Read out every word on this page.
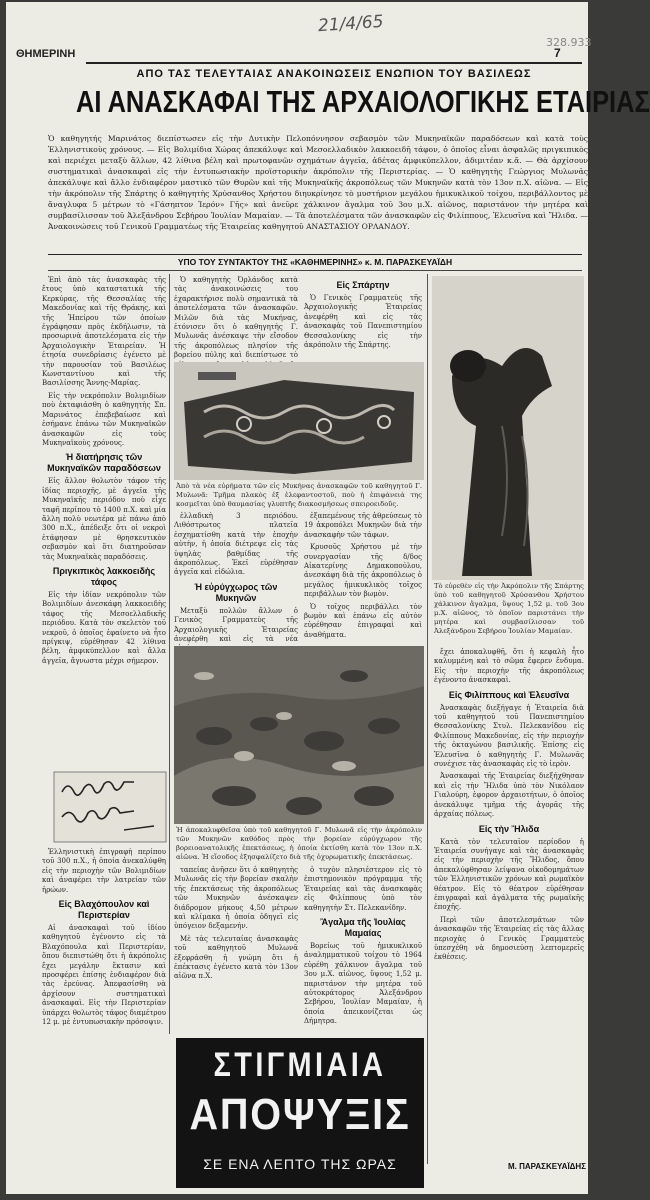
21/4/65
328.933
ΘΗΜΕΡΙΝΗ	7
ΑΠΟ ΤΑΣ ΤΕΛΕΥΤΑΙΑΣ ΑΝΑΚΟΙΝΩΣΕΙΣ ΕΝΩΠΙΟΝ ΤΟΥ ΒΑΣΙΛΕΩΣ
ΑΙ ΑΝΑΣΚΑΦΑΙ ΤΗΣ ΑΡΧΑΙΟΛΟΓΙΚΗΣ ΕΤΑΙΡΙΑΣ
Ὁ καθηγητής Μαρινάτος διεπίστωσεν εἰς τὴν Δυτικὴν Πελοπόννησον σεβασμὸν τῶν Μυκηναϊκῶν παραδόσεων καὶ κατὰ τοὺς Ἑλληνιστικοὺς χρόνους. — Εἰς Βολιμίδια Χώρας ἀπεκάλυψε καὶ Μεσοελλαδικὸν λακκοειδῆ τάφον, ὁ ὁποῖος εἶναι ἀσφαλῶς πριγκιπικὸς καὶ περιέχει μεταξὺ ἄλλων, 42 λίθινα βέλη καὶ πρωτοφανῶν σχημάτων ἀγγεῖα, ἀδέτας ἀμφικύπελλον, ἀδιμιτέαν κ.ἄ. — Θὰ ἀρχίσουν συστηματικαὶ ἀνασκαφαὶ εἰς τὴν ἐντυπωσιακὴν προϊστορικὴν ἀκρόπολιν τῆς Περιστερίας. — Ὁ καθηγητὴς Γεώργιος Μυλωνᾶς ἀπεκάλυψε καὶ ἄλλο ἐνδιαφέρον μαστικὸ τῶν Θυρῶν καὶ τῆς Μυκηναϊκῆς ἀκροπόλεως τῶν Μυκηνῶν κατὰ τὸν 13ον π.Χ. αἰῶνα. — Εἰς τὴν ἀκρόπολιν τῆς Σπάρτης ὁ καθηγητὴς Χρύσανθος Χρήστου διηυκρίνησε τὸ μυστήριον μεγάλου ἡμικυκλικοῦ τοίχου, περιβάλλοντος μὲ ἄναγλυφα 5 μέτρων τὸ «Γάσηπτον Ἱερόν» Γῆς» καὶ ἀνεῦρε χάλκινον ἄγαλμα τοῦ 3ου μ.Χ. αἰῶνος, παριστάνον τὴν μητέρα καὶ συμβασίλισσαν τοῦ Ἀλεξάνδρου Σεβήρου Ἰουλίαν Μαμαίαν. — Τὰ ἀποτελέσματα τῶν ἀνασκαφῶν εἰς Φιλίππους, Ἐλευσῖνα καὶ Ἤλιδα. — Ἀνακοινώσεις τοῦ Γενικοῦ Γραμματέως τῆς Ἑταιρείας καθηγητοῦ ΑΝΑΣΤΑΣΙΟΥ ΟΡΛΑΝΔΟΥ.
ΥΠΟ ΤΟΥ ΣΥΝΤΑΚΤΟΥ ΤΗΣ «ΚΑΘΗΜΕΡΙΝΗΣ» κ. Μ. ΠΑΡΑΣΚΕΥΑΪΔΗ

Ἐπὶ ἀπὸ τὰς ἀνασκαφὰς τῆς ἔτους ὑπὸ καταστατικὰ τῆς Κερκύρας, τῆς Θεσσαλίας τῆς Μακεδονίας καὶ τῆς Θράκης, καὶ τῆς Ἠπείρου τῶν ὁποίων ἐγράφησαν πρὸς ἐκδήλωσιν, τὰ προσωρινὰ ἀποτελέσματα εἰς τὴν Ἀρχαιολογικὴν Ἑταιρείαν. Ἡ ἐτησία συνεδρίασις ἐγένετο μὲ τὴν παρουσίαν τοῦ Βασιλέως Κωνσταντίνου καὶ τῆς Βασιλίσσης Ἄννης-Μαρίας.

Εἰς τὴν νεκρόπολιν Βολιμιδίων ποὺ ἐκταφιάσθη ὁ καθηγητὴς Σπ. Μαρινάτος ἐπεβεβαίωσε καὶ ἐσήμανε ἐπάνω τῶν Μυκηναϊκῶν ἀνασκαφῶν εἰς τοὺς Μυκηναϊκοὺς χρόνους.

Ἡ διατήρησις τῶν Μυκηναϊκῶν παραδόσεων

Εἰς ἄλλον θολωτὸν τάφον τῆς ἰδίας περιοχῆς, μὲ ἀγγεῖα τῆς Μυκηναϊκῆς περιόδου ποὺ εἶχε ταφῆ περίπου τὸ 1400 π.Χ. καὶ μία ἄλλη πολὺ νεωτέρα μὲ πάνω ἀπὸ 300 π.Χ., ἀπέδειξε ὅτι οἱ νεκροὶ ἐτάφησαν μὲ θρησκευτικὸν σεβασμὸν καὶ ὅτι διατηροῦσαν τὰς Μυκηναϊκὰς παραδόσεις.

Πριγκιπικὸς λακκοειδὴς τάφος

Εἰς τὴν ἰδίαν νεκρόπολιν τῶν Βολιμιδίων ἀνεσκάφη λακκοειδὴς τάφος τῆς Μεσοελλαδικῆς περιόδου. Κατὰ τὸν σκελετὸν τοῦ νεκροῦ, ὁ ὁποῖος ἐφαίνετο νὰ ἦτο πρίγκιψ, εὑρέθησαν 42 λίθινα βέλη, ἀμφικύπελλον καὶ ἄλλα ἀγγεῖα, ἄγνωστα μέχρι σήμερον.

Ἑλληνιστικὴ ἐπιγραφὴ περίπου τοῦ 300 π.Χ., ἡ ὁποία ἀνεκαλύφθη εἰς τὴν περιοχὴν τῶν Βολιμιδίων καὶ ἀναφέρει τὴν λατρείαν τῶν ἡρώων.

Εἰς Βλαχόπουλον καὶ Περιστερίαν

Αἱ ἀνασκαφαὶ τοῦ ἰδίου καθηγητοῦ ἐγένοντο εἰς τὰ Βλαχόπουλα καὶ Περιστερίαν, ὅπου διεπιστώθη ὅτι ἡ ἀκρόπολις ἔχει μεγάλην ἔκτασιν καὶ προσφέρει ἐπίσης ἐνδιαφέρον διὰ τὰς ἐρεύνας. Ἀπεφασίσθη νὰ ἀρχίσουν συστηματικαὶ ἀνασκαφαὶ. Εἰς τὴν Περιστερίαν ὑπάρχει θολωτὸς τάφος διαμέτρου 12 μ. μὲ ἐντυπωσιακὴν πρόσοψιν.

Ὁ καθηγητὴς Ὀρλάνδος κατὰ τὰς ἀνακοινώσεις του ἐχαρακτήρισε πολὺ σημαντικὰ τὰ ἀποτελέσματα τῶν ἀνασκαφῶν. Μιλῶν διὰ τὰς Μυκήνας, ἐτόνισεν ὅτι ὁ καθηγητὴς Γ. Μυλωνᾶς ἀνέσκαψε τὴν εἴσοδον τῆς ἀκροπόλεως πλησίον τῆς βορείου πύλης καὶ διεπίστωσε τὸ

Εἰς Σπάρτην

Ὁ Γενικὸς Γραμματεὺς τῆς Ἀρχαιολογικῆς Ἑταιρείας ἀνεφέρθη καὶ εἰς τὰς ἀνασκαφὰς τοῦ Πανεπιστημίου Θεσσαλονίκης εἰς τὴν ἀκρόπολιν τῆς Σπάρτης.

Ἀπὸ τὰ νέα εὑρήματα τῶν εἰς Μυκήνας ἀνασκαφῶν τοῦ καθηγητοῦ Γ. Μυλωνᾶ: Τμῆμα πλακὸς ἐξ ἐλεφαντοστοῦ, ποὺ ἡ ἐπιφάνειά της κοσμεῖται ὑπὸ θαυμασίας γλυπτῆς διακοσμήσεως σπειροειδοῦς.

ἑλλαδικὴ 3 περιόδου. Λιθόστρωτος πλατεῖα ἐσχηματίσθη κατὰ τὴν ἐποχὴν αὐτὴν, ἡ ὁποία διέτρεψε εἰς τὰς ὑψηλὰς βαθμίδας τῆς ἀκροπόλεως. Ἐκεῖ εὑρέθησαν ἀγγεῖα καὶ εἰδώλια.

Ἡ εὐρύγχωρος τῶν Μυκηνῶν

Μεταξὺ πολλῶν ἄλλων ὁ Γενικὸς Γραμματεὺς τῆς Ἀρχαιολογικῆς Ἑταιρείας ἀνεφέρθη καὶ εἰς τὰ νέα

ἐξαπεμένους τῆς ἀθρεύσεως τὸ 19 ἀκροπόλει Μυκηνῶν διὰ τὴν ἀνασκαφὴν τῶν τάφων.

Κρυσοῦς Χρήστου μὲ τὴν συνεργασίαν τῆς δ/δος Αἰκατερίνης Δημακοπούλου, ἀνεσκάφη διὰ τῆς ἀκροπόλεως ὁ μεγάλος ἡμικυκλικὸς τοῖχος περιβάλλων τὸν βωμὸν.

Ὁ τοῖχος περιβάλλει τὸν βωμὸν καὶ ἐπάνω εἰς αὐτὸν εὑρέθησαν ἐπιγραφαὶ καὶ ἀναθήματα.

Ἡ ἀποκαλυφθεῖσα ὑπὸ τοῦ καθηγητοῦ Γ. Μυλωνᾶ εἰς τὴν ἀκρόπολιν τῶν Μυκηνῶν καθόδος πρὸς τὴν βορείαν εὐρύγχωρον τῆς βορειοανατολικῆς ἐπεκτάσεως, ἡ ὁποία ἐκτίσθη κατὰ τὸν 13ον π.Χ. αἰῶνα. Ἡ εἴσοδος ἐξησφαλίζετο διὰ τῆς ὀχυρωματικῆς ἐπεκτάσεως.

ταπείας ἀνῆσεν ὅτι ὁ καθηγητὴς Μυλωνᾶς εἰς τὴν βορείαν σκαλὴν τῆς ἐπεκτάσεως τῆς ἀκροπόλεως τῶν Μυκηνῶν ἀνέσκαψεν διάδρομον μήκους 4,50 μέτρων καὶ κλίμακα ἡ ὁποία ὁδηγεῖ εἰς ὑπόγειον δεξαμενήν.

Μὲ τὰς τελευταίας ἀνασκαφὰς τοῦ καθηγητοῦ Μυλωνᾶ ἐξεφράσθη ἡ γνώμη ὅτι ἡ ἐπέκτασις ἐγένετο κατὰ τὸν 13ον αἰῶνα π.Χ.

ὁ τυχὸν πλησιέστερον εἰς τὸ ἐπιστημονικὸν πρόγραμμα τῆς Ἑταιρείας καὶ τὰς ἀνασκαφὰς εἰς Φιλίππους ὑπὸ τὸν καθηγητὴν Στ. Πελεκανίδην.

Ἄγαλμα τῆς Ἰουλίας Μαμαίας

Βορείως τοῦ ἡμικυκλικοῦ ἀναλημματικοῦ τοίχου τὸ 1964 εὑρέθη χάλκινον ἄγαλμα τοῦ 3ου μ.Χ. αἰῶνος, ὕψους 1,52 μ. παριστάνον τὴν μητέρα τοῦ αὐτοκράτορος Ἀλεξάνδρου Σεβήρου, Ἰουλίαν Μαμαίαν, ἡ ὁποία ἀπεικονίζεται ὡς Δήμητρα.

Τὸ εὑρεθὲν εἰς τὴν Ἀκρόπολιν τῆς Σπάρτης ὑπὸ τοῦ καθηγητοῦ Χρύσανθου Χρήστου χάλκινον ἄγαλμα, ὕψους 1,52 μ. τοῦ 3ου μ.Χ. αἰῶνος, τὸ ὁποῖον παριστάνει τὴν μητέρα καὶ συμβασίλισσαν τοῦ Ἀλεξάνδρου Σεβήρου Ἰουλίαν Μαμαίαν.

ἔχει ἀποκαλυφθῆ, ὅτι ἡ κεφαλὴ ἦτο καλυμμένη καὶ τὸ σῶμα ἔφερεν ἔνδυμα. Εἰς τὴν περιοχὴν τῆς ἀκροπόλεως ἐγένοντο ἀνασκαφαὶ.

Εἰς Φιλίππους καὶ Ἐλευσῖνα

Ἀνασκαφὰς διεξήγαγε ἡ Ἑταιρεία διὰ τοῦ καθηγητοῦ τοῦ Πανεπιστημίου Θεσσαλονίκης Στυλ. Πελεκανίδου εἰς Φιλίππους Μακεδονίας, εἰς τὴν περιοχὴν τῆς ὀκταγώνου βασιλικῆς. Ἐπίσης εἰς Ἐλευσῖνα ὁ καθηγητὴς Γ. Μυλωνᾶς συνέχισε τὰς ἀνασκαφὰς εἰς τὸ ἱερὸν.

Ἀνασκαφαὶ τῆς Ἑταιρείας διεξήχθησαν καὶ εἰς τὴν Ἤλιδα ὑπὸ τὸν Νικόλαον Γιαλούρη, ἐφορον ἀρχαιοτήτων, ὁ ὁποῖος ἀνεκάλυψε τμῆμα τῆς ἀγορᾶς τῆς ἀρχαίας πόλεως.

Εἰς τὴν Ἤλιδα

Κατὰ τὸν τελευταῖον περίοδον ἡ Ἑταιρεία συνήγαγε καὶ τὰς ἀνασκαφὰς εἰς τὴν περιοχὴν τῆς Ἤλιδος, ὅπου ἀπεκαλύφθησαν λείψανα οἰκοδομημάτων τῶν Ἑλληνιστικῶν χρόνων καὶ ρωμαϊκὸν θέατρον. Εἰς τὸ θέατρον εὑρέθησαν ἐπιγραφαὶ καὶ ἀγάλματα τῆς ρωμαϊκῆς ἐποχῆς.

Περὶ τῶν ἀποτελεσμάτων τῶν ἀνασκαφῶν τῆς Ἑταιρείας εἰς τὰς ἄλλας περιοχὰς ὁ Γενικὸς Γραμματεὺς ὑπεσχέθη νὰ δημοσιεύσῃ λεπτομερεῖς ἐκθέσεις.

Μ. ΠΑΡΑΣΚΕΥΑΪΔΗΣ
ΣΤΙΓΜΙΑΙΑ
ΑΠΟΨΥΞΙΣ
ΣΕ ΕΝΑ ΛΕΠΤΟ ΤΗΣ ΩΡΑΣ
